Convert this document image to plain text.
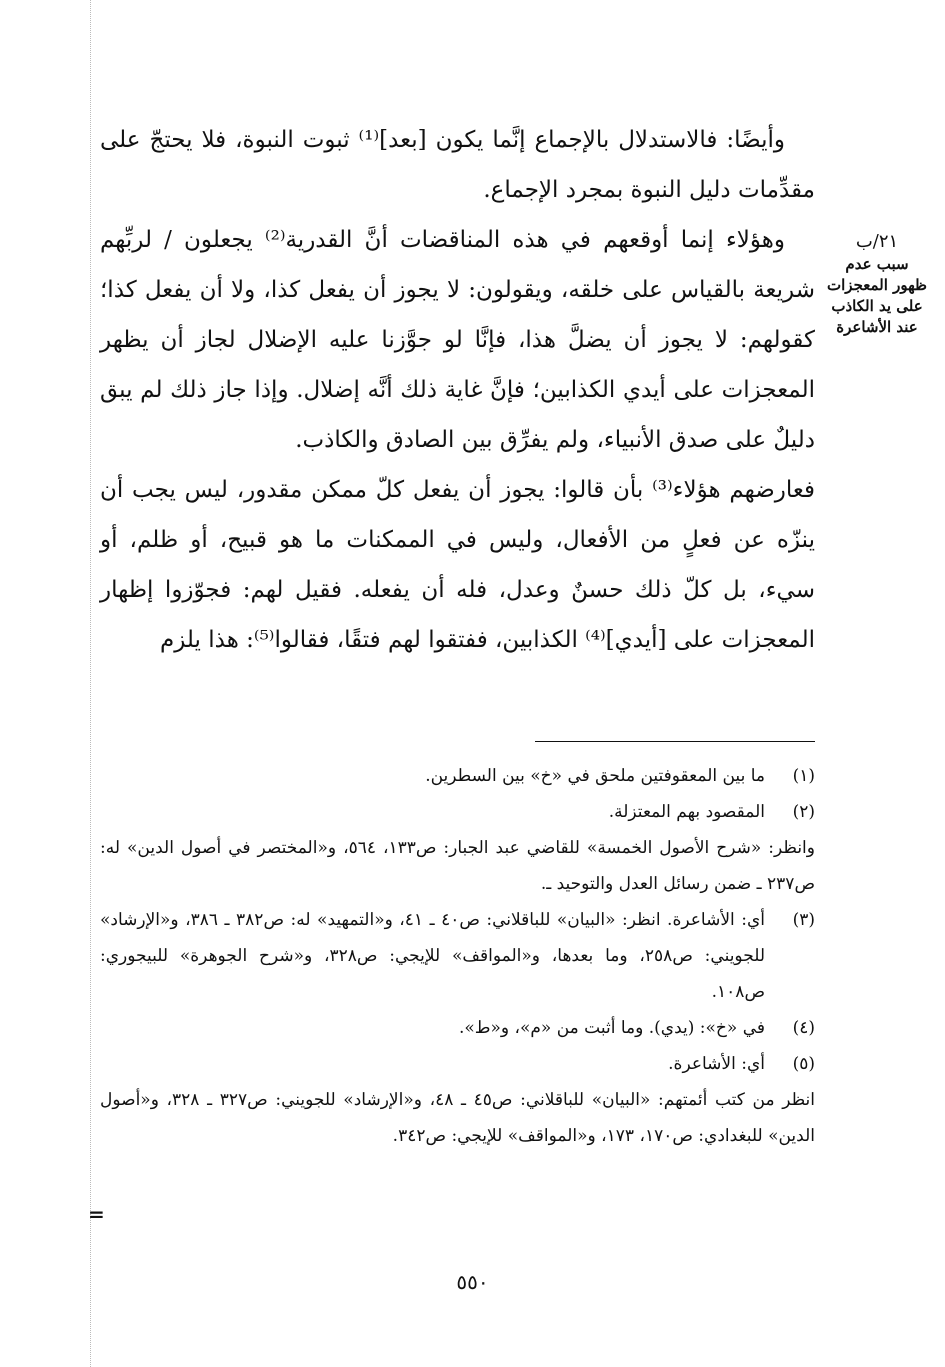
وأيضًا: فالاستدلال بالإجماع إنَّما يكون [بعد]⁽¹⁾ ثبوت النبوة، فلا يحتجّ على مقدِّمات دليل النبوة بمجرد الإجماع.

وهؤلاء إنما أوقعهم في هذه المناقضات أنَّ القدرية⁽²⁾ يجعلون / لربِّهم شريعة بالقياس على خلقه، ويقولون: لا يجوز أن يفعل كذا، ولا أن يفعل كذا؛ كقولهم: لا يجوز أن يضلَّ هذا، فإنَّا لو جوَّزنا عليه الإضلال لجاز أن يظهر المعجزات على أيدي الكذابين؛ فإنَّ غاية ذلك أنَّه إضلال. وإذا جاز ذلك لم يبق دليلٌ على صدق الأنبياء، ولم يفرِّق بين الصادق والكاذب.

فعارضهم هؤلاء⁽³⁾ بأن قالوا: يجوز أن يفعل كلّ ممكن مقدور، ليس يجب أن ينزّه عن فعلٍ من الأفعال، وليس في الممكنات ما هو قبيح، أو ظلم، أو سيء، بل كلّ ذلك حسنٌ وعدل، فله أن يفعله. فقيل لهم: فجوّزوا إظهار المعجزات على [أيدي]⁽⁴⁾ الكذابين، ففتقوا لهم فتقًا، فقالوا⁽⁵⁾: هذا يلزم

٢١/ب
سبب عدم ظهور المعجزات على يد الكاذب عند الأشاعرة
(١)
ما بين المعقوفتين ملحق في «خ» بين السطرين.
(٢)
المقصود بهم المعتزلة.

وانظر: «شرح الأصول الخمسة» للقاضي عبد الجبار: ص١٣٣، ٥٦٤، و«المختصر في أصول الدين» له: ص٢٣٧ ـ ضمن رسائل العدل والتوحيد ـ.

(٣)
أي: الأشاعرة. انظر: «البيان» للباقلاني: ص٤٠ ـ ٤١، و«التمهيد» له: ص٣٨٢ ـ ٣٨٦، و«الإرشاد» للجويني: ص٢٥٨، وما بعدها، و«المواقف» للإيجي: ص٣٢٨، و«شرح الجوهرة» للبيجوري: ص١٠٨.
(٤)
في «خ»: (يدي). وما أثبت من «م»، و«ط».
(٥)
أي: الأشاعرة.

انظر من كتب أئمتهم: «البيان» للباقلاني: ص٤٥ ـ ٤٨، و«الإرشاد» للجويني: ص٣٢٧ ـ ٣٢٨، و«أصول الدين» للبغدادي: ص١٧٠، ١٧٣، و«المواقف» للإيجي: ص٣٤٢.

=
٥٥٠
